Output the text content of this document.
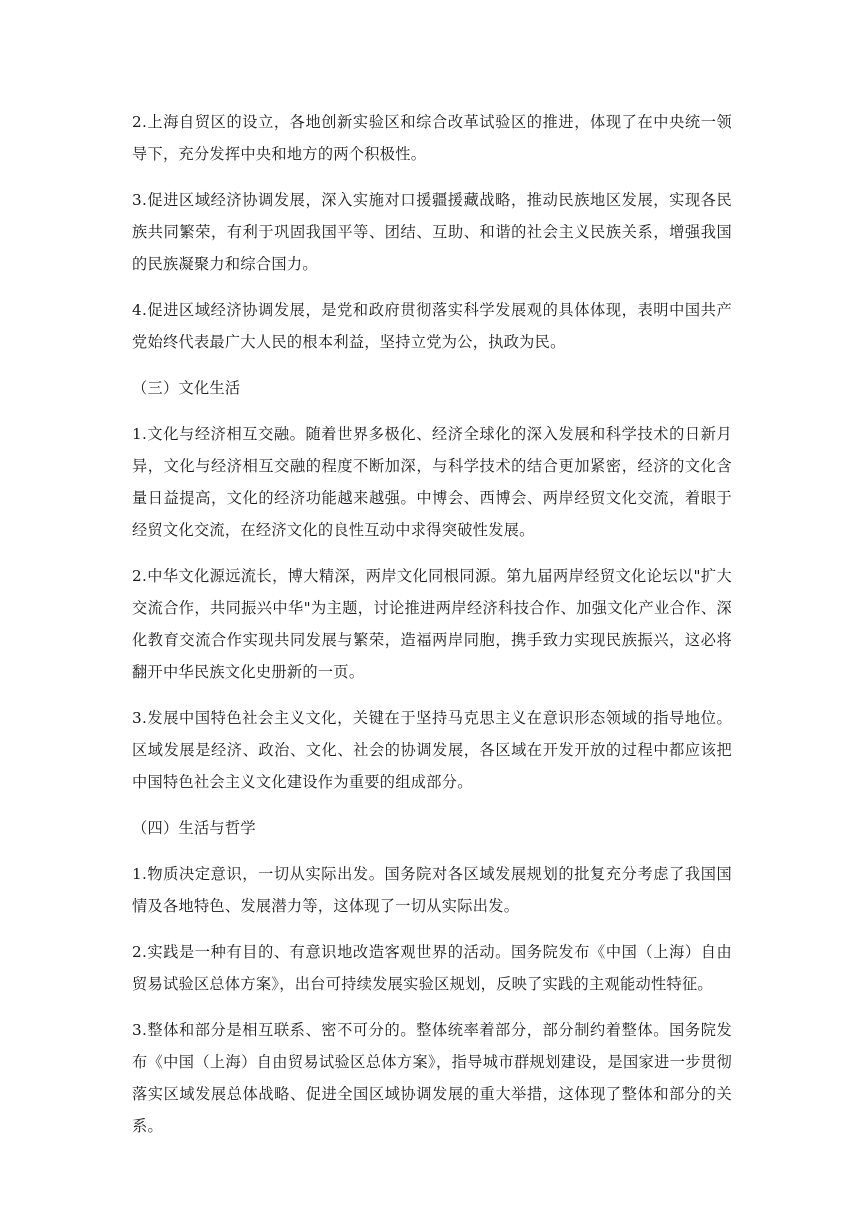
2.上海自贸区的设立，各地创新实验区和综合改革试验区的推进，体现了在中央统一领导下，充分发挥中央和地方的两个积极性。

3.促进区域经济协调发展，深入实施对口援疆援藏战略，推动民族地区发展，实现各民族共同繁荣，有利于巩固我国平等、团结、互助、和谐的社会主义民族关系，增强我国的民族凝聚力和综合国力。

4.促进区域经济协调发展，是党和政府贯彻落实科学发展观的具体体现，表明中国共产党始终代表最广大人民的根本利益，坚持立党为公，执政为民。

（三）文化生活

1.文化与经济相互交融。随着世界多极化、经济全球化的深入发展和科学技术的日新月异，文化与经济相互交融的程度不断加深，与科学技术的结合更加紧密，经济的文化含量日益提高，文化的经济功能越来越强。中博会、西博会、两岸经贸文化交流，着眼于经贸文化交流，在经济文化的良性互动中求得突破性发展。

2.中华文化源远流长，博大精深，两岸文化同根同源。第九届两岸经贸文化论坛以"扩大交流合作，共同振兴中华"为主题，讨论推进两岸经济科技合作、加强文化产业合作、深化教育交流合作实现共同发展与繁荣，造福两岸同胞，携手致力实现民族振兴，这必将翻开中华民族文化史册新的一页。

3.发展中国特色社会主义文化，关键在于坚持马克思主义在意识形态领域的指导地位。区域发展是经济、政治、文化、社会的协调发展，各区域在开发开放的过程中都应该把中国特色社会主义文化建设作为重要的组成部分。

（四）生活与哲学

1.物质决定意识，一切从实际出发。国务院对各区域发展规划的批复充分考虑了我国国情及各地特色、发展潜力等，这体现了一切从实际出发。

2.实践是一种有目的、有意识地改造客观世界的活动。国务院发布《中国（上海）自由贸易试验区总体方案》，出台可持续发展实验区规划，反映了实践的主观能动性特征。

3.整体和部分是相互联系、密不可分的。整体统率着部分，部分制约着整体。国务院发布《中国（上海）自由贸易试验区总体方案》，指导城市群规划建设，是国家进一步贯彻落实区域发展总体战略、促进全国区域协调发展的重大举措，这体现了整体和部分的关系。
